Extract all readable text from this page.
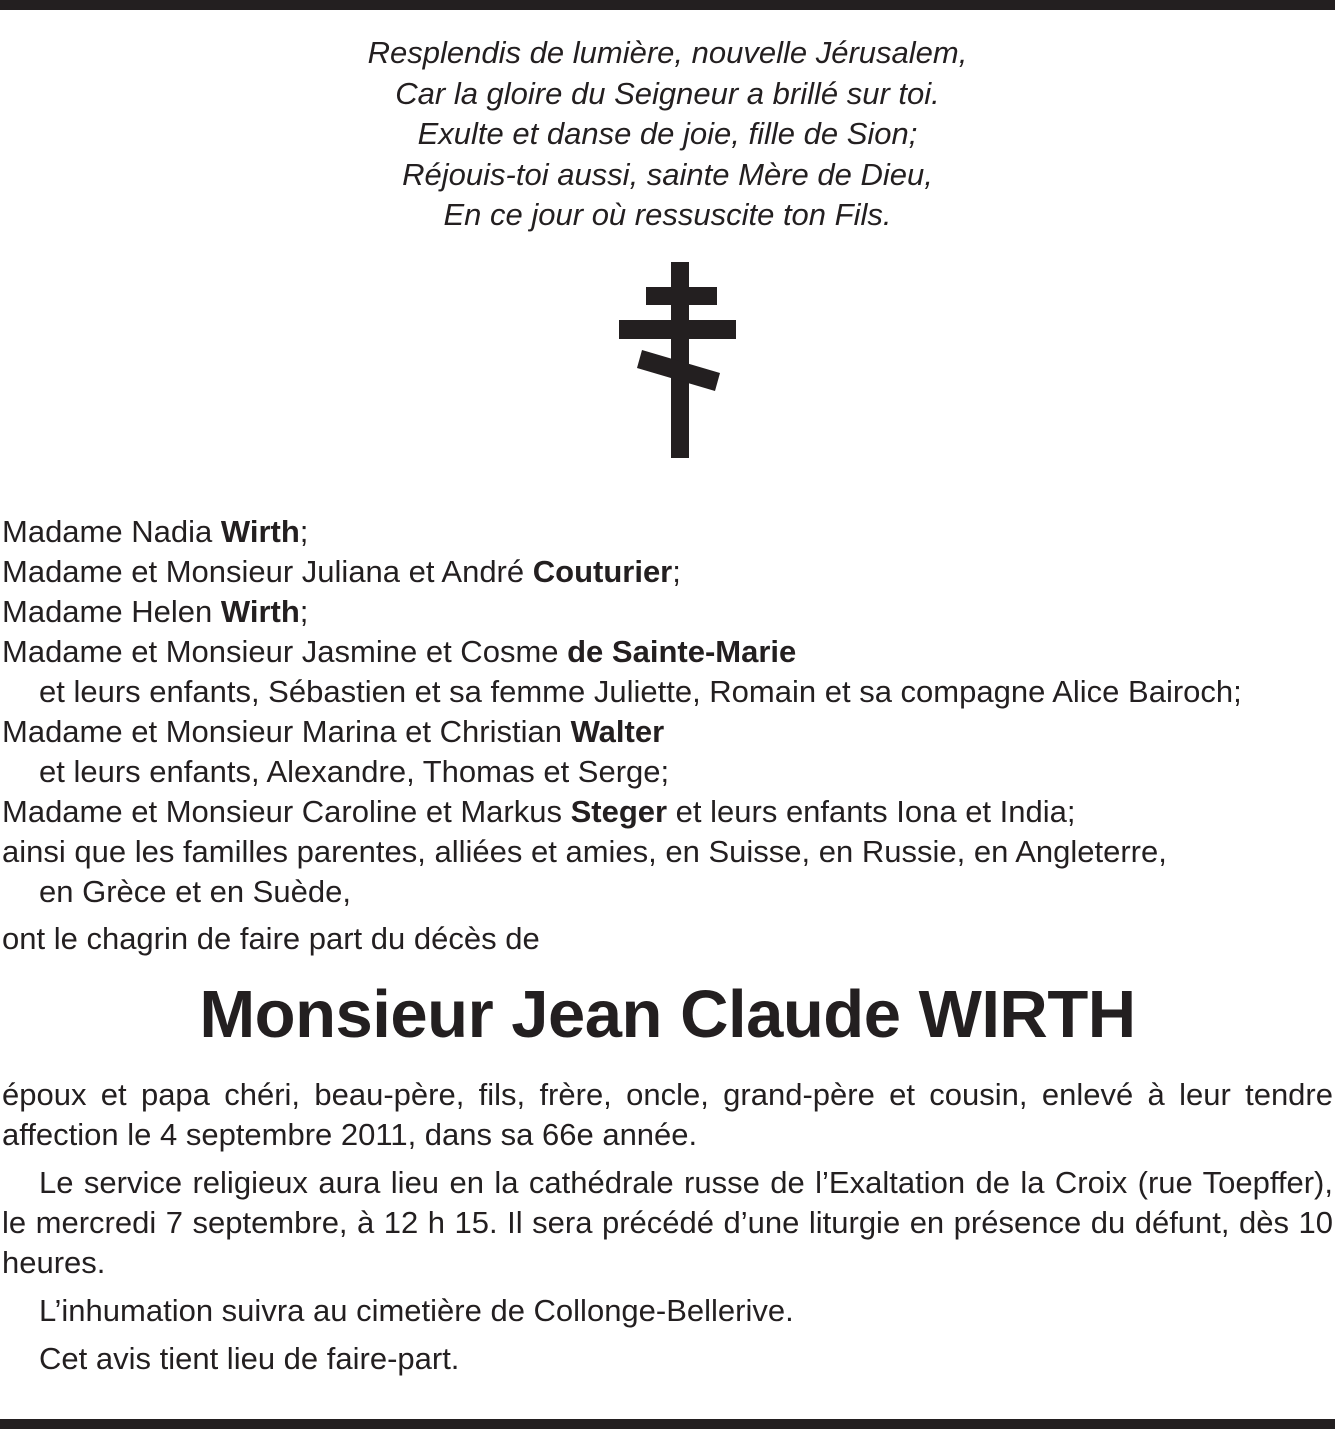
Resplendis de lumière, nouvelle Jérusalem,
Car la gloire du Seigneur a brillé sur toi.
Exulte et danse de joie, fille de Sion;
Réjouis-toi aussi, sainte Mère de Dieu,
En ce jour où ressuscite ton Fils.
Madame Nadia Wirth;
Madame et Monsieur Juliana et André Couturier;
Madame Helen Wirth;
Madame et Monsieur Jasmine et Cosme de Sainte-Marie
et leurs enfants, Sébastien et sa femme Juliette, Romain et sa compagne Alice Bairoch;
Madame et Monsieur Marina et Christian Walter
et leurs enfants, Alexandre, Thomas et Serge;
Madame et Monsieur Caroline et Markus Steger et leurs enfants Iona et India;
ainsi que les familles parentes, alliées et amies, en Suisse, en Russie, en Angleterre,
en Grèce et en Suède,
ont le chagrin de faire part du décès de
Monsieur Jean Claude WIRTH

époux et papa chéri, beau-père, fils, frère, oncle, grand-père et cousin, enlevé à leur tendre affection le 4 septembre 2011, dans sa 66e année.

Le service religieux aura lieu en la cathédrale russe de l’Exaltation de la Croix (rue Toepffer), le mercredi 7 septembre, à 12 h 15. Il sera précédé d’une liturgie en présence du défunt, dès 10 heures.

L’inhumation suivra au cimetière de Collonge-Bellerive.

Cet avis tient lieu de faire-part.
